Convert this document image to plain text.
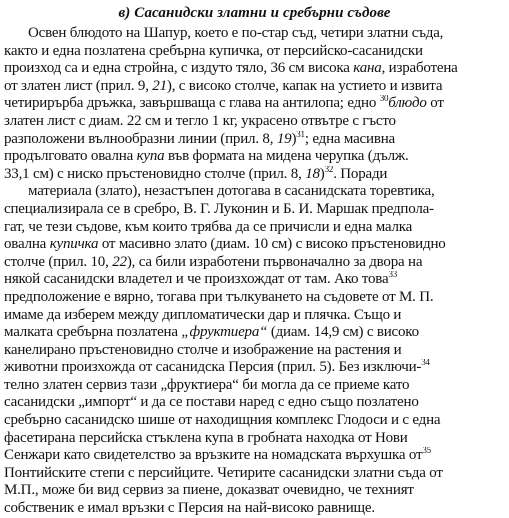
в) Сасанидски златни и сребърни съдове
Освен блюдото на Шапур, което е по-стар съд, четири златни съда,
както и една позлатена сребърна купичка, от персийско-сасанидски
произход са и една стройна, с издуто тяло, 36 см висока кана, изработена
от златен лист (прил. 9, 21), с високо столче, капак на устието и извита
четирирърба дръжка, завършваща с глава на антилопа; едно $^{30}$блюдо от
златен лист с диам. 22 см и тегло 1 кг, украсено отвътре с гъсто
разположени вълнообразни линии (прил. 8, 19)$^{31}$; една масивна
продълговато овална купа във формата на мидена черупка (дълж.
33,1 см) с ниско пръстеновидно столче (прил. 8, 18)$^{32}$. Поради
материала (злато), незастъпен дотогава в сасанидската торевтика,
специализирала се в сребро, В. Г. Луконин и Б. И. Маршак предпола-
гат, че тези съдове, към които трябва да се причисли и една малка
овална купичка от масивно злато (диам. 10 см) с високо пръстеновидно
столче (прил. 10, 22), са били изработени първоначално за двора на
някой сасанидски владетел и че произхождат от там. Ако това$^{33}$
предположение е вярно, тогава при тълкуването на съдовете от М. П.
имаме да изберем между дипломатически дар и плячка. Също и
малката сребърна позлатена „фруктиера“ (диам. 14,9 см) с високо
канелирано пръстеновидно столче и изображение на растения и
животни произхожда от сасанидска Персия (прил. 5). Без изключи-$^{34}$
телно златен сервиз тази „фруктиера“ би могла да се приеме като
сасанидски „импорт“ и да се постави наред с едно също позлатено
сребърно сасанидско шише от находищния комплекс Глодоси и с една
фасетирана персийска стъклена купа в гробната находка от Нови
Сенжари като свидетелство за връзките на номадската върхушка $от^{35}$
Понтийските степи с персийците. Четирите сасанидски златни съда от
М.П., може би вид сервиз за пиене, доказват очевидно, че техният
собственик е имал връзки с Персия на най-високо равнище.
